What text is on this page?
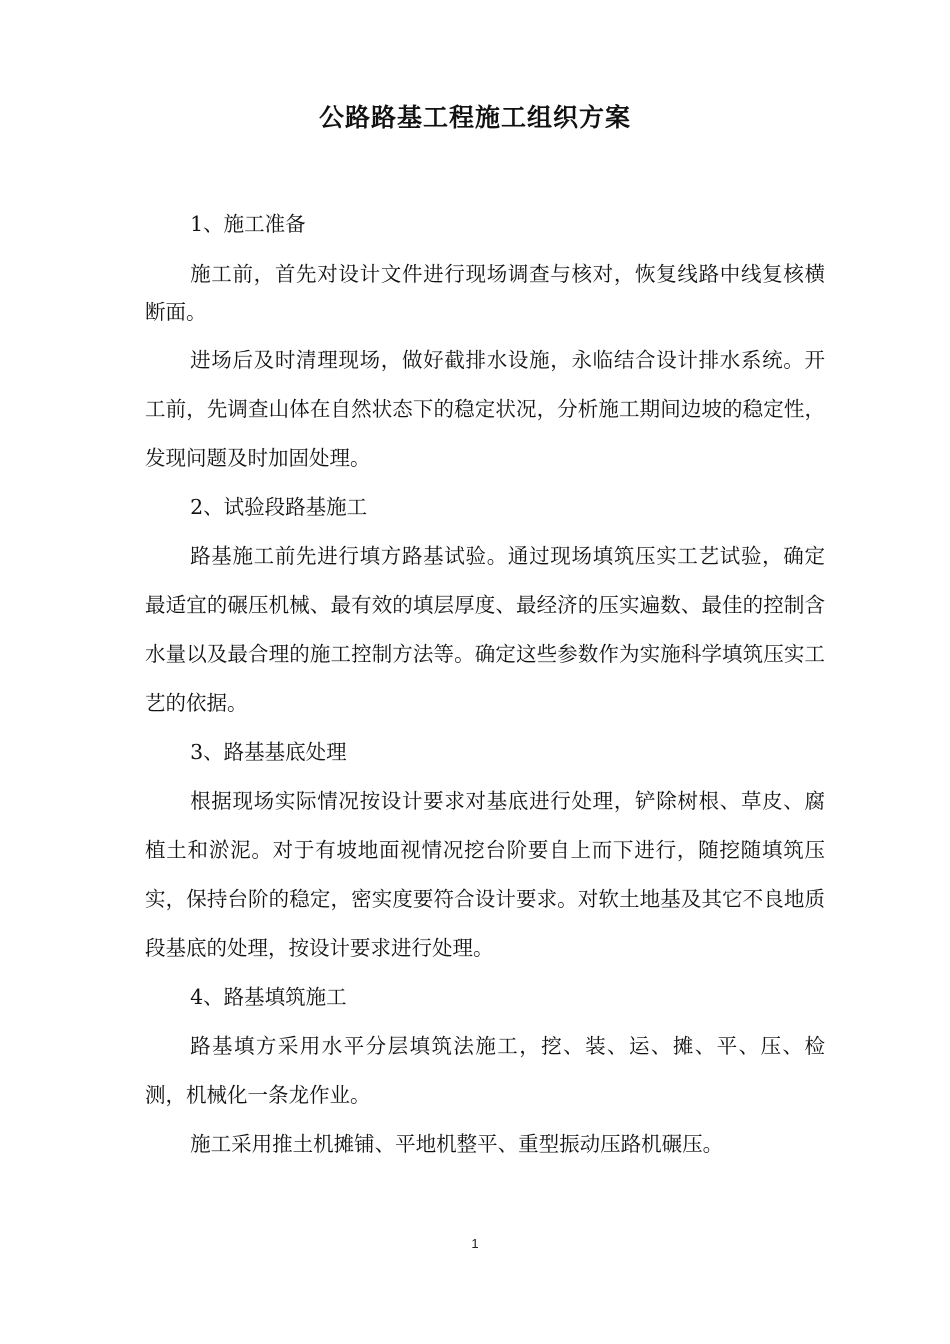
公路路基工程施工组织方案

1、施工准备

施工前，首先对设计文件进行现场调查与核对，恢复线路中线复核横断面。

进场后及时清理现场，做好截排水设施，永临结合设计排水系统。开工前，先调查山体在自然状态下的稳定状况，分析施工期间边坡的稳定性，发现问题及时加固处理。

2、试验段路基施工

路基施工前先进行填方路基试验。通过现场填筑压实工艺试验，确定最适宜的碾压机械、最有效的填层厚度、最经济的压实遍数、最佳的控制含水量以及最合理的施工控制方法等。确定这些参数作为实施科学填筑压实工艺的依据。

3、路基基底处理

根据现场实际情况按设计要求对基底进行处理，铲除树根、草皮、腐植土和淤泥。对于有坡地面视情况挖台阶要自上而下进行，随挖随填筑压实，保持台阶的稳定，密实度要符合设计要求。对软土地基及其它不良地质段基底的处理，按设计要求进行处理。

4、路基填筑施工

路基填方采用水平分层填筑法施工，挖、装、运、摊、平、压、检测，机械化一条龙作业。

施工采用推土机摊铺、平地机整平、重型振动压路机碾压。

1
